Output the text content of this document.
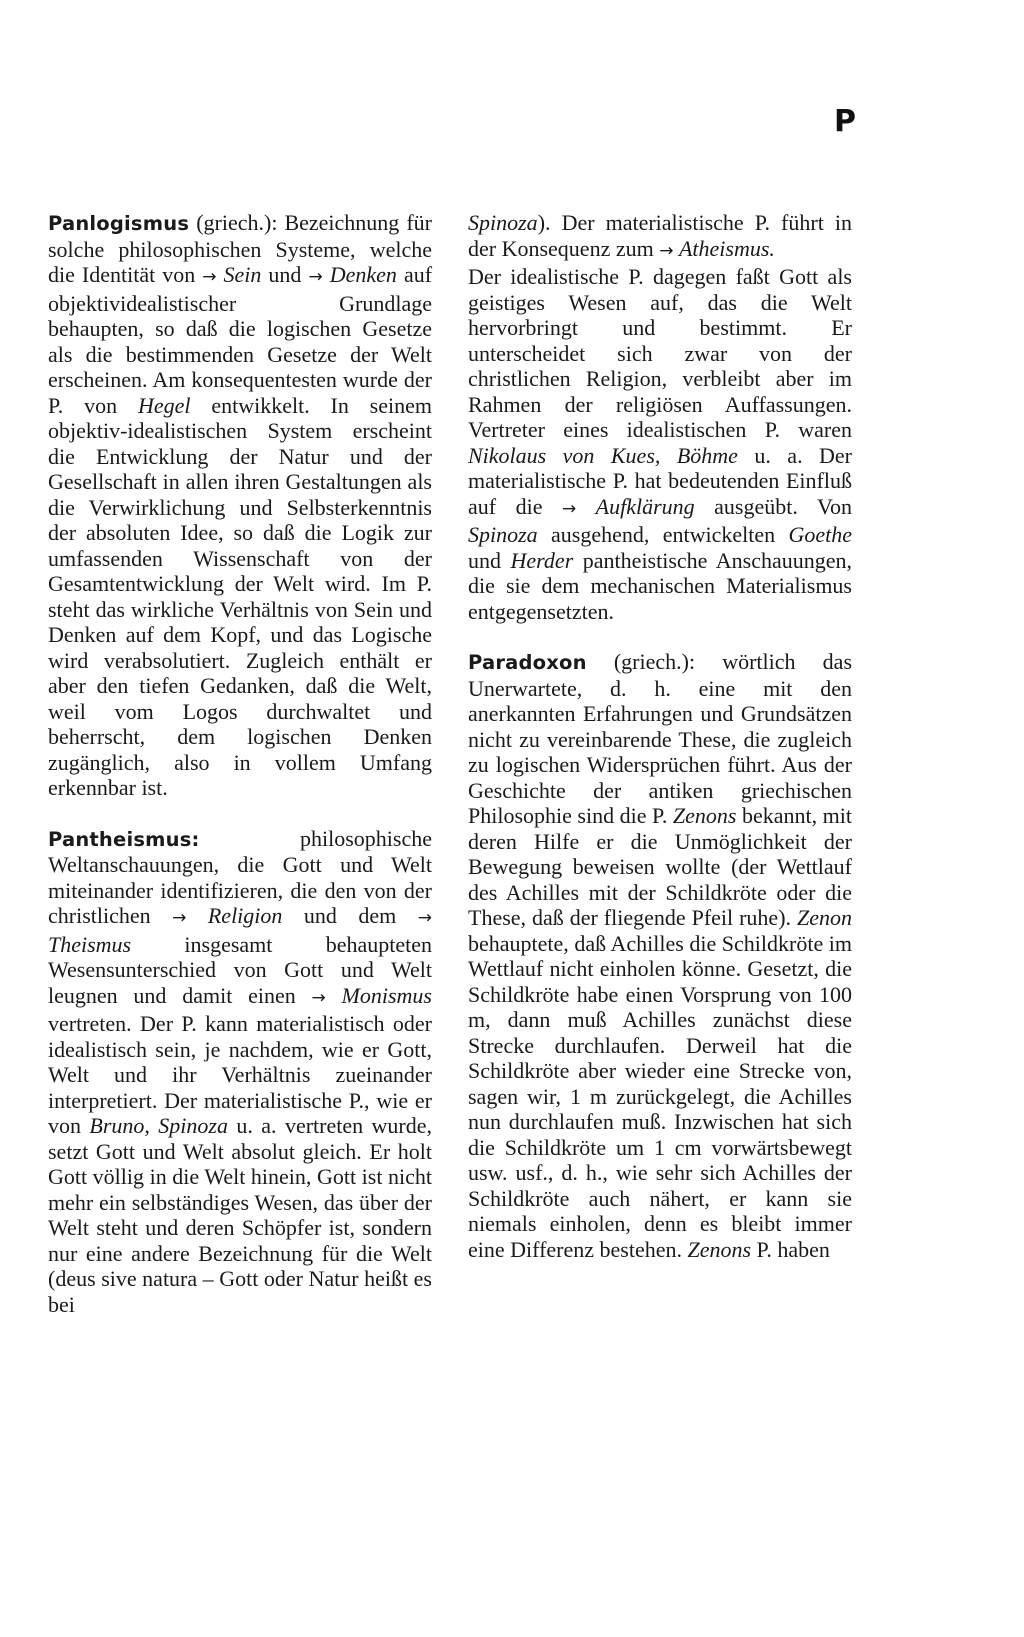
P

Panlogismus (griech.): Bezeichnung für solche philosophischen Systeme, welche die Identität von → Sein und → Denken auf objektividealistischer Grundlage behaupten, so daß die logischen Gesetze als die bestimmenden Gesetze der Welt erscheinen. Am konsequentesten wurde der P. von Hegel entwikkelt. In seinem objektiv-idealistischen System erscheint die Entwicklung der Natur und der Gesellschaft in allen ihren Gestaltungen als die Verwirklichung und Selbsterkenntnis der absoluten Idee, so daß die Logik zur umfassenden Wissenschaft von der Gesamtentwicklung der Welt wird. Im P. steht das wirkliche Verhältnis von Sein und Denken auf dem Kopf, und das Logische wird verabsolutiert. Zugleich enthält er aber den tiefen Gedanken, daß die Welt, weil vom Logos durchwaltet und beherrscht, dem logischen Denken zugänglich, also in vollem Umfang erkennbar ist.

Pantheismus: philosophische Weltanschauungen, die Gott und Welt miteinander identifizieren, die den von der christlichen → Religion und dem → Theismus insgesamt behaupteten Wesensunterschied von Gott und Welt leugnen und damit einen → Monismus vertreten. Der P. kann materialistisch oder idealistisch sein, je nachdem, wie er Gott, Welt und ihr Verhältnis zueinander interpretiert. Der materialistische P., wie er von Bruno, Spinoza u. a. vertreten wurde, setzt Gott und Welt absolut gleich. Er holt Gott völlig in die Welt hinein, Gott ist nicht mehr ein selbständiges Wesen, das über der Welt steht und deren Schöpfer ist, sondern nur eine andere Bezeichnung für die Welt (deus sive natura – Gott oder Natur heißt es bei

Spinoza). Der materialistische P. führt in der Konsequenz zum → Atheismus.

Der idealistische P. dagegen faßt Gott als geistiges Wesen auf, das die Welt hervorbringt und bestimmt. Er unterscheidet sich zwar von der christlichen Religion, verbleibt aber im Rahmen der religiösen Auffassungen. Vertreter eines idealistischen P. waren Nikolaus von Kues, Böhme u. a. Der materialistische P. hat bedeutenden Einfluß auf die → Aufklärung ausgeübt. Von Spinoza ausgehend, entwickelten Goethe und Herder pantheistische Anschauungen, die sie dem mechanischen Materialismus entgegensetzten.

Paradoxon (griech.): wörtlich das Unerwartete, d. h. eine mit den anerkannten Erfahrungen und Grundsätzen nicht zu vereinbarende These, die zugleich zu logischen Widersprüchen führt. Aus der Geschichte der antiken griechischen Philosophie sind die P. Zenons bekannt, mit deren Hilfe er die Unmöglichkeit der Bewegung beweisen wollte (der Wettlauf des Achilles mit der Schildkröte oder die These, daß der fliegende Pfeil ruhe). Zenon behauptete, daß Achilles die Schildkröte im Wettlauf nicht einholen könne. Gesetzt, die Schildkröte habe einen Vorsprung von 100 m, dann muß Achilles zunächst diese Strecke durchlaufen. Derweil hat die Schildkröte aber wieder eine Strecke von, sagen wir, 1 m zurückgelegt, die Achilles nun durchlaufen muß. Inzwischen hat sich die Schildkröte um 1 cm vorwärtsbewegt usw. usf., d. h., wie sehr sich Achilles der Schildkröte auch nähert, er kann sie niemals einholen, denn es bleibt immer eine Differenz bestehen. Zenons P. haben
